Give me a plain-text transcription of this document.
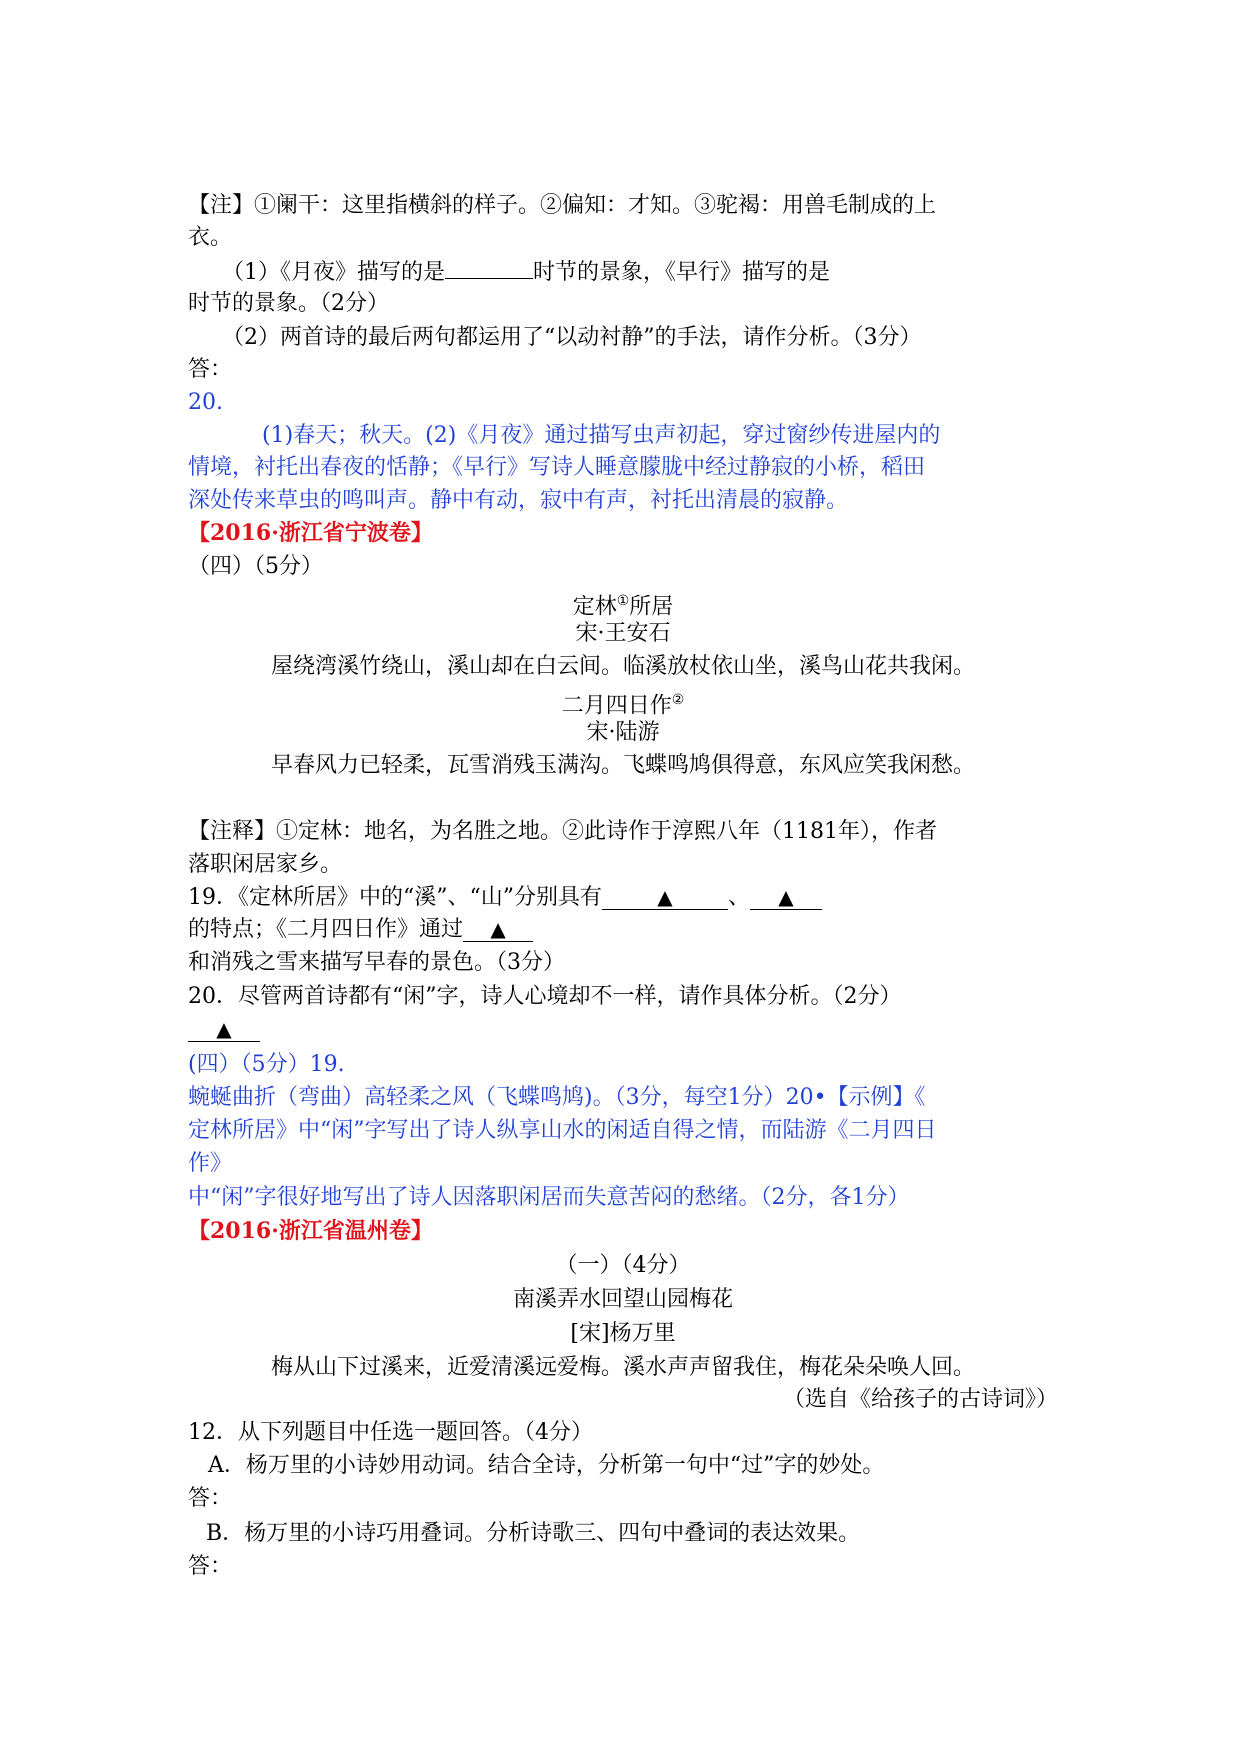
【注】①阑干：这里指横斜的样子。②偏知：才知。③驼褐：用兽毛制成的上

衣。

（1）《月夜》描写的是	时节的景象，《早行》描写的是

时节的景象。（2分）

（2）两首诗的最后两句都运用了“以动衬静”的手法，请作分析。（3分）

答：

20.

(1)春天；秋天。(2)《月夜》通过描写虫声初起，穿过窗纱传进屋内的

情境，衬托出春夜的恬静；《早行》写诗人睡意朦胧中经过静寂的小桥，稻田

深处传来草虫的鸣叫声。静中有动，寂中有声，衬托出清晨的寂静。

【2016·浙江省宁波卷】

（四）（5分）

定林①所居

宋·王安石

屋绕湾溪竹绕山，溪山却在白云间。临溪放杖依山坐，溪鸟山花共我闲。

二月四日作②

宋·陆游

早春风力已轻柔，瓦雪消残玉满沟。飞蝶鸣鸠俱得意，东风应笑我闲愁。

【注释】①定林：地名，为名胜之地。②此诗作于淳熙八年（1181年），作者

落职闲居家乡。

19．《定林所居》中的“溪”、“山”分别具有	▲	、 ▲

的特点；《二月四日作》通过 ▲

和消残之雪来描写早春的景色。（3分）

20．尽管两首诗都有“闲”字，诗人心境却不一样，请作具体分析。（2分）

▲

(四）（5分）19.

蜿蜒曲折（弯曲）高轻柔之风（飞蝶鸣鸠)。（3分，每空1分）20•【示例】《

定林所居》中“闲”字写出了诗人纵享山水的闲适自得之情，而陆游《二月四日

作》

中“闲”字很好地写出了诗人因落职闲居而失意苦闷的愁绪。（2分，各1分）

【2016·浙江省温州卷】

（一）（4分）

南溪弄水回望山园梅花

[宋]杨万里

梅从山下过溪来，近爱清溪远爱梅。溪水声声留我住，梅花朵朵唤人回。

（选自《给孩子的古诗词》）

12．从下列题目中任选一题回答。（4分）

A．杨万里的小诗妙用动词。结合全诗，分析第一句中“过”字的妙处。

答：

B．杨万里的小诗巧用叠词。分析诗歌三、四句中叠词的表达效果。

答：
